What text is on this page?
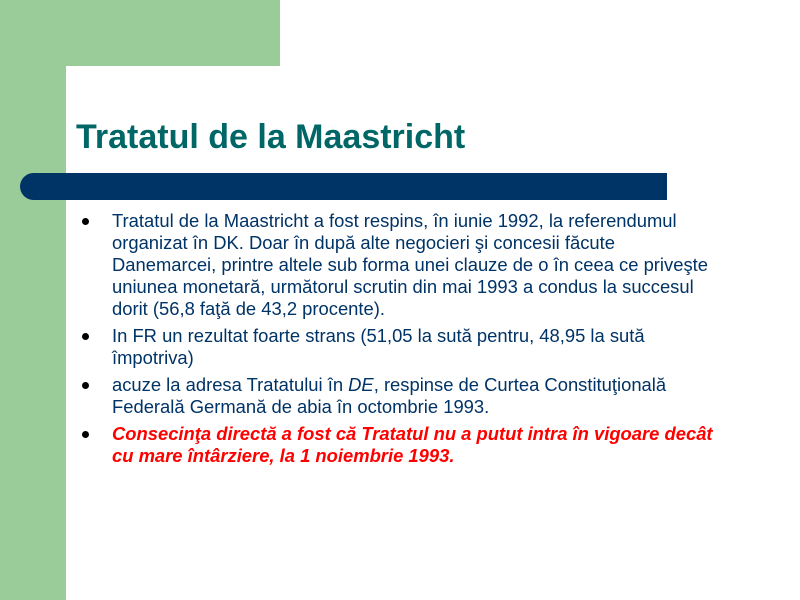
Tratatul de la Maastricht
Tratatul de la Maastricht a fost respins, în iunie 1992, la referendumul organizat în DK. Doar în după alte negocieri şi concesii făcute Danemarcei, printre altele sub forma unei clauze de o în ceea ce priveşte uniunea monetară, următorul scrutin din mai 1993 a condus la succesul dorit (56,8 faţă de 43,2 procente).
In FR un rezultat foarte strans (51,05 la sută pentru, 48,95 la sută împotriva)
acuze la adresa Tratatului în DE, respinse de Curtea Constituţională Federală Germană de abia în octombrie 1993.
Consecinţa directă a fost că Tratatul nu a putut intra în vigoare decât cu mare întârziere, la 1 noiembrie 1993.
